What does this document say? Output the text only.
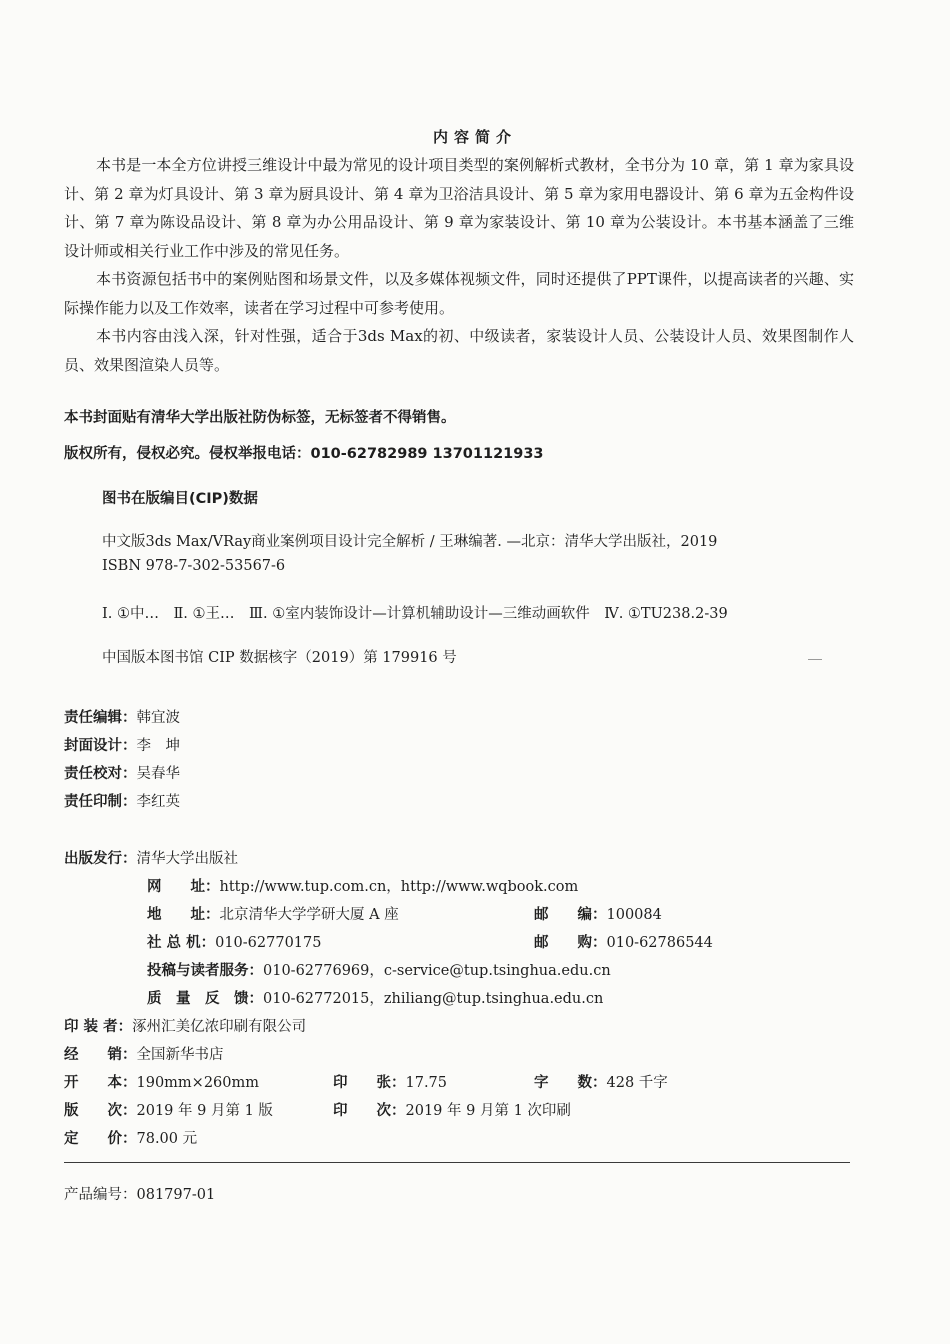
内容简介
本书是一本全方位讲授三维设计中最为常见的设计项目类型的案例解析式教材，全书分为 10 章，第 1 章为家具设计、第 2 章为灯具设计、第 3 章为厨具设计、第 4 章为卫浴洁具设计、第 5 章为家用电器设计、第 6 章为五金构件设计、第 7 章为陈设品设计、第 8 章为办公用品设计、第 9 章为家装设计、第 10 章为公装设计。本书基本涵盖了三维设计师或相关行业工作中涉及的常见任务。
本书资源包括书中的案例贴图和场景文件，以及多媒体视频文件，同时还提供了PPT课件，以提高读者的兴趣、实际操作能力以及工作效率，读者在学习过程中可参考使用。
本书内容由浅入深，针对性强，适合于3ds Max的初、中级读者，家装设计人员、公装设计人员、效果图制作人员、效果图渲染人员等。
本书封面贴有清华大学出版社防伪标签，无标签者不得销售。
版权所有，侵权必究。侵权举报电话：010-62782989 13701121933
图书在版编目(CIP)数据
中文版3ds Max/VRay商业案例项目设计完全解析 / 王琳编著. —北京：清华大学出版社，2019
ISBN 978-7-302-53567-6
Ⅰ. ①中…　Ⅱ. ①王…　Ⅲ. ①室内装饰设计—计算机辅助设计—三维动画软件　Ⅳ. ①TU238.2-39
中国版本图书馆 CIP 数据核字（2019）第 179916 号
责任编辑：韩宜波
封面设计：李　坤
责任校对：吴春华
责任印制：李红英
出版发行：清华大学出版社
网　　址：http://www.tup.com.cn，http://www.wqbook.com
地　　址：北京清华大学学研大厦 A 座	邮　　编：100084
社 总 机：010-62770175	邮　　购：010-62786544
投稿与读者服务：010-62776969，c-service@tup.tsinghua.edu.cn
质　量　反　馈：010-62772015，zhiliang@tup.tsinghua.edu.cn
印 装 者：涿州汇美亿浓印刷有限公司
经　　销：全国新华书店
开　　本：190mm×260mm	印　　张：17.75	字　　数：428 千字
版　　次：2019 年 9 月第 1 版	印　　次：2019 年 9 月第 1 次印刷
定　　价：78.00 元
产品编号：081797-01
